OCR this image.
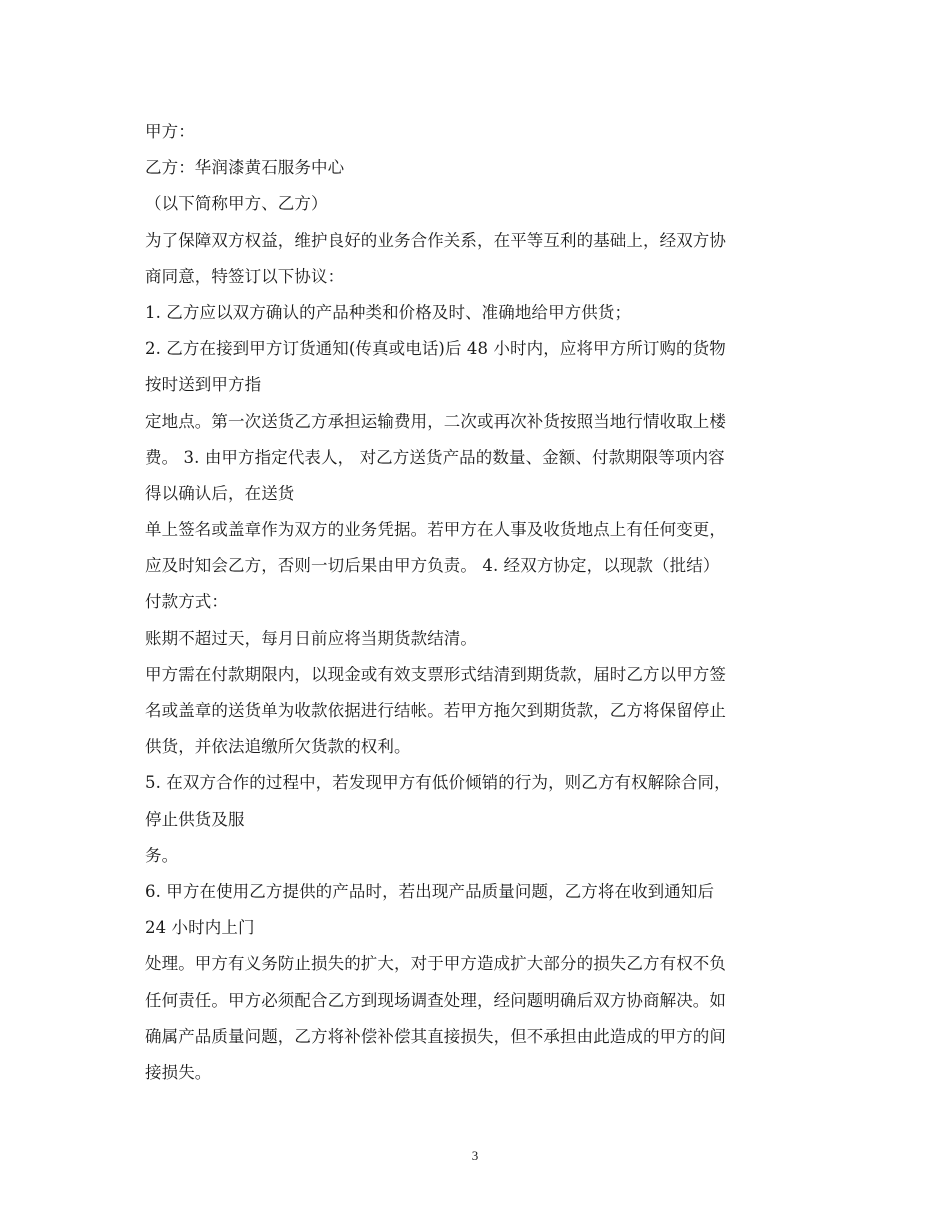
甲方：
乙方：华润漆黄石服务中心
（以下简称甲方、乙方）
为了保障双方权益，维护良好的业务合作关系，在平等互利的基础上，经双方协
商同意，特签订以下协议：
1. 乙方应以双方确认的产品种类和价格及时、准确地给甲方供货；
2. 乙方在接到甲方订货通知(传真或电话)后 48 小时内，应将甲方所订购的货物
按时送到甲方指
定地点。第一次送货乙方承担运输费用，二次或再次补货按照当地行情收取上楼
费。 3. 由甲方指定代表人， 对乙方送货产品的数量、金额、付款期限等项内容
得以确认后，在送货
单上签名或盖章作为双方的业务凭据。若甲方在人事及收货地点上有任何变更，
应及时知会乙方，否则一切后果由甲方负责。 4. 经双方协定，以现款（批结）
付款方式：
账期不超过天，每月日前应将当期货款结清。
甲方需在付款期限内，以现金或有效支票形式结清到期货款，届时乙方以甲方签
名或盖章的送货单为收款依据进行结帐。若甲方拖欠到期货款，乙方将保留停止
供货，并依法追缴所欠货款的权利。
5. 在双方合作的过程中，若发现甲方有低价倾销的行为，则乙方有权解除合同，
停止供货及服
务。
6. 甲方在使用乙方提供的产品时，若出现产品质量问题，乙方将在收到通知后
24 小时内上门
处理。甲方有义务防止损失的扩大，对于甲方造成扩大部分的损失乙方有权不负
任何责任。甲方必须配合乙方到现场调查处理，经问题明确后双方协商解决。如
确属产品质量问题，乙方将补偿补偿其直接损失，但不承担由此造成的甲方的间
接损失。
3
